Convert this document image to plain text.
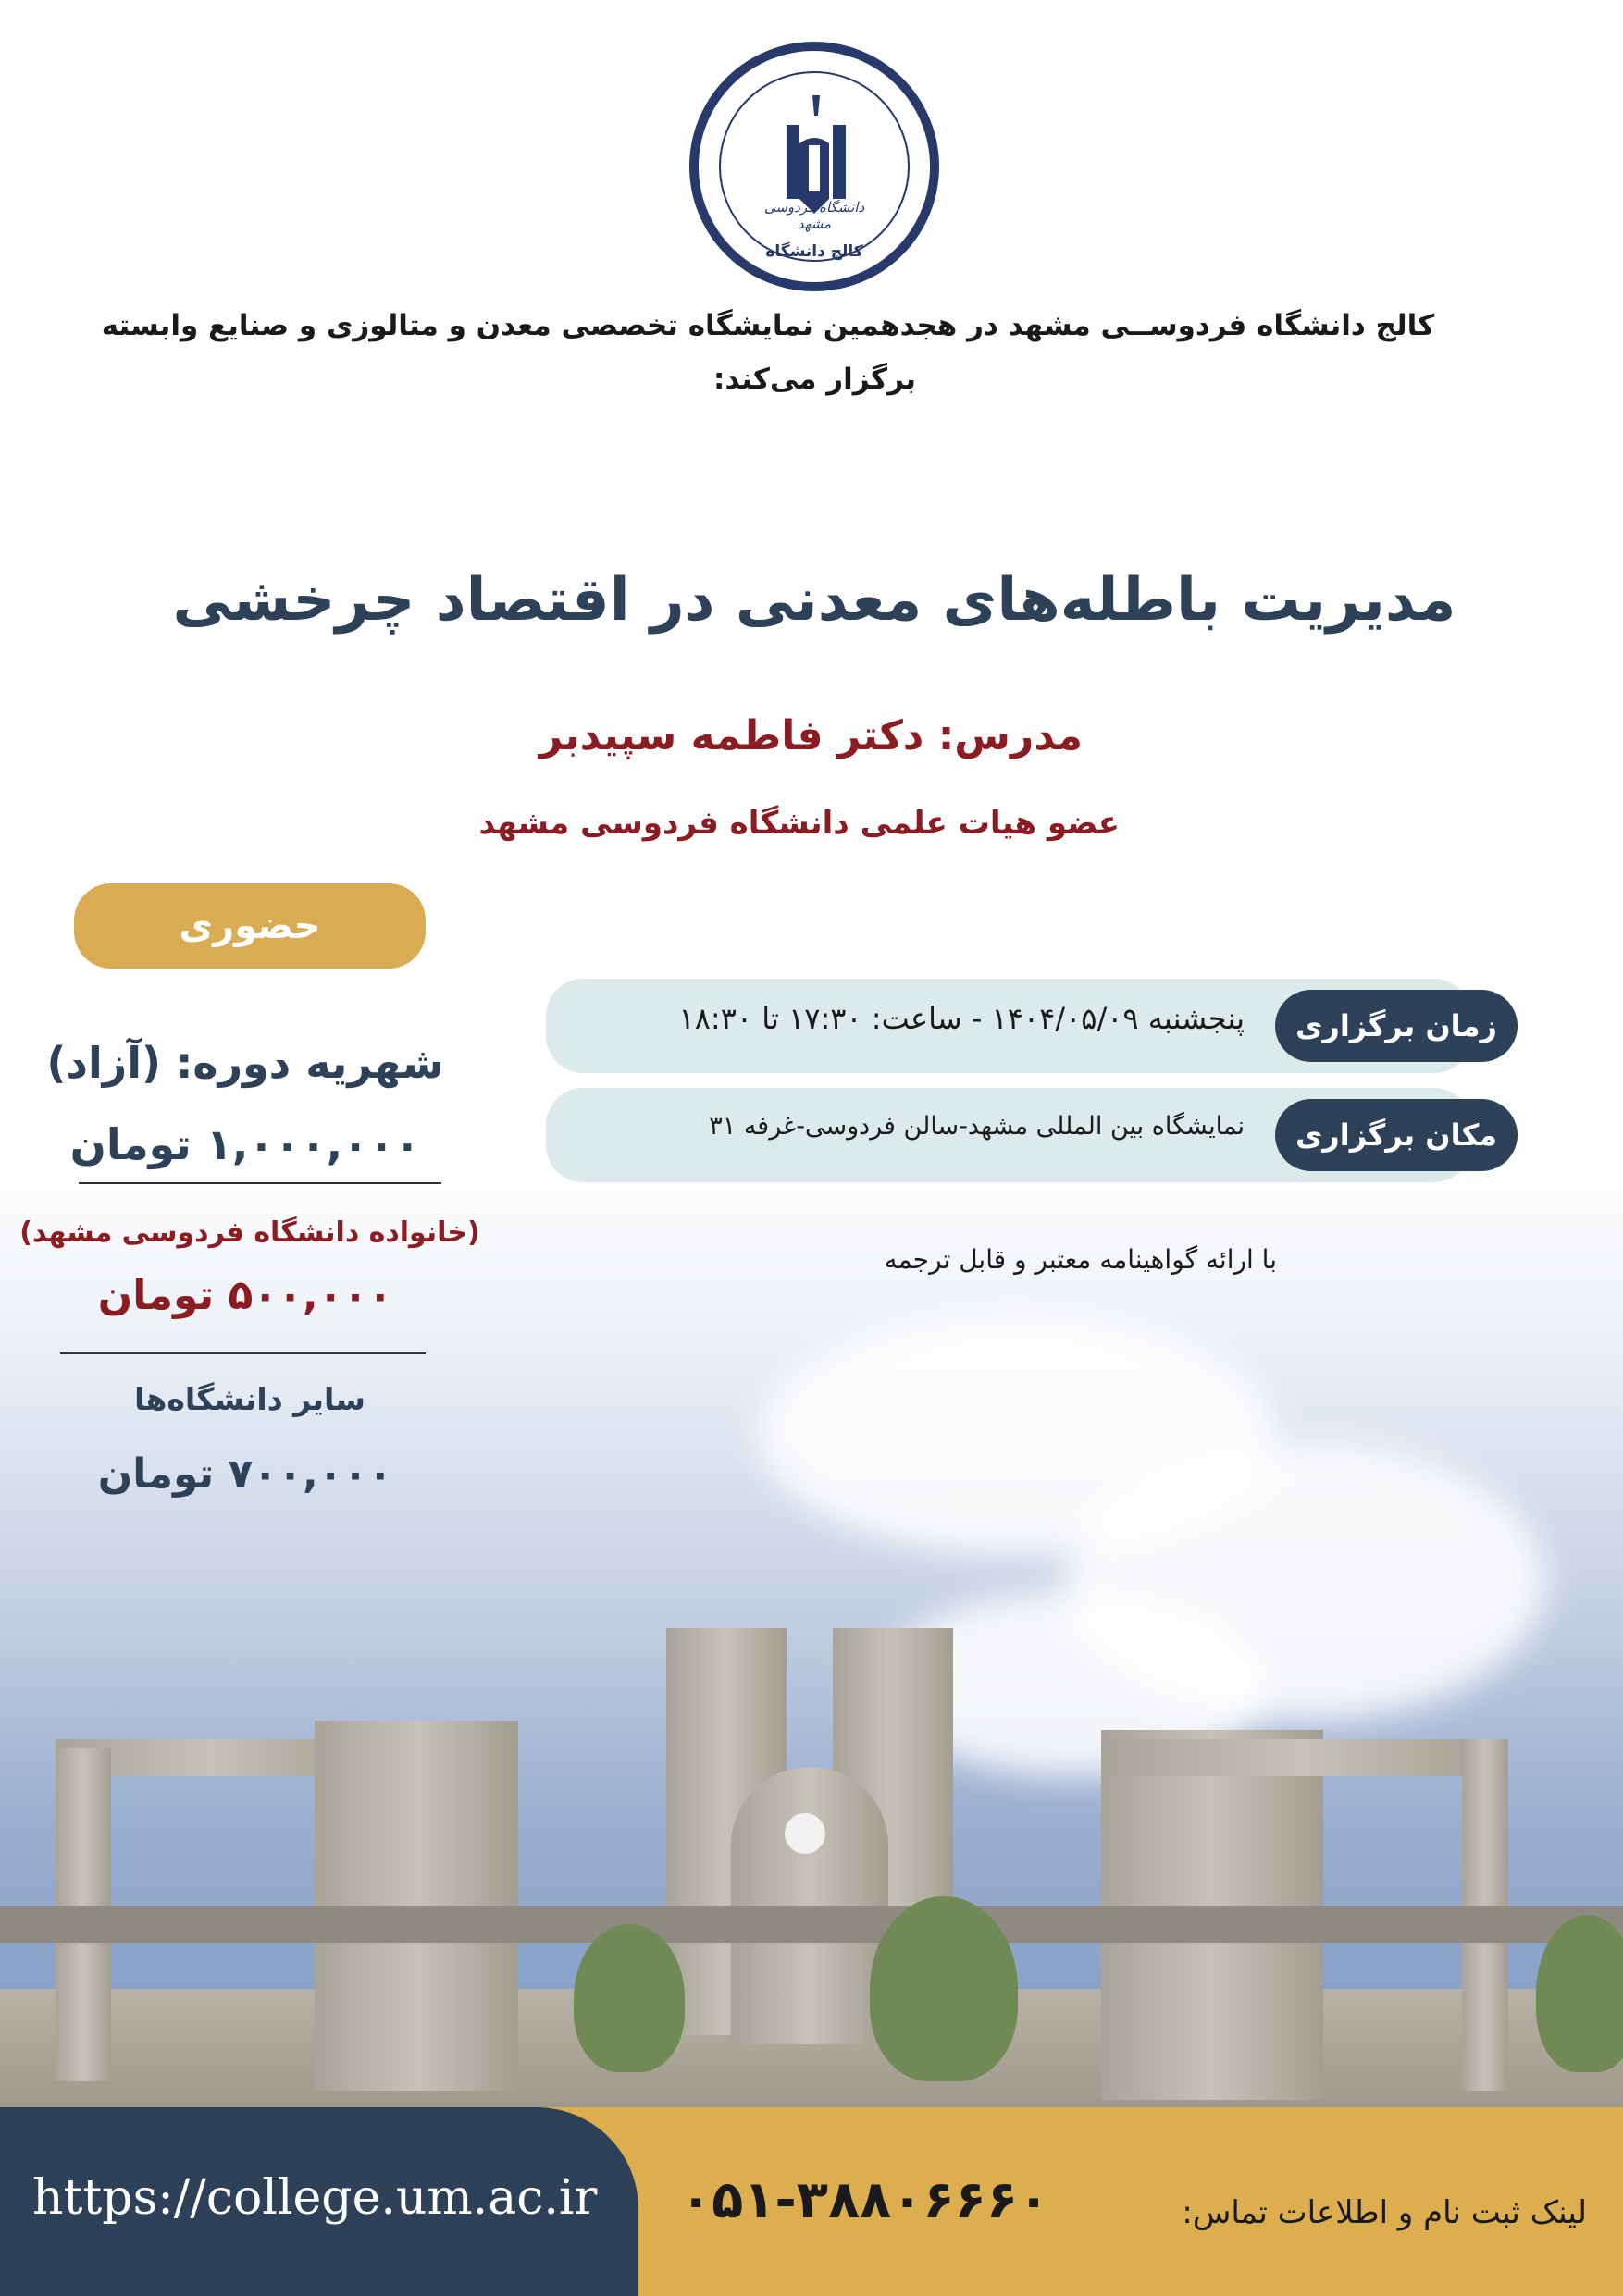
دانشگاه فردوسی مشهد
کالج دانشگاه
کالج دانشگاه فردوســی مشهد در هجدهمین نمایشگاه تخصصی معدن و متالوزی و صنایع وابسته
برگزار می‌کند:
مدیریت باطله‌های معدنی در اقتصاد چرخشی
مدرس: دکتر فاطمه سپیدبر
عضو هیات علمی دانشگاه فردوسی مشهد
حضوری
پنجشنبه ۱۴۰۴/۰۵/۰۹ - ساعت: ۱۷:۳۰ تا ۱۸:۳۰ زمان برگزاری
نمایشگاه بین المللی مشهد-سالن فردوسی-غرفه ۳۱ مکان برگزاری
با ارائه گواهینامه معتبر و قابل ترجمه
شهریه دوره: (آزاد)
۱,۰۰۰,۰۰۰ تومان
(خانواده دانشگاه فردوسی مشهد)
۵۰۰,۰۰۰ تومان
سایر دانشگاه‌ها
۷۰۰,۰۰۰ تومان
https://college.um.ac.ir	۰۵۱-۳۸۸۰۶۶۶۰	لینک ثبت نام و اطلاعات تماس:
